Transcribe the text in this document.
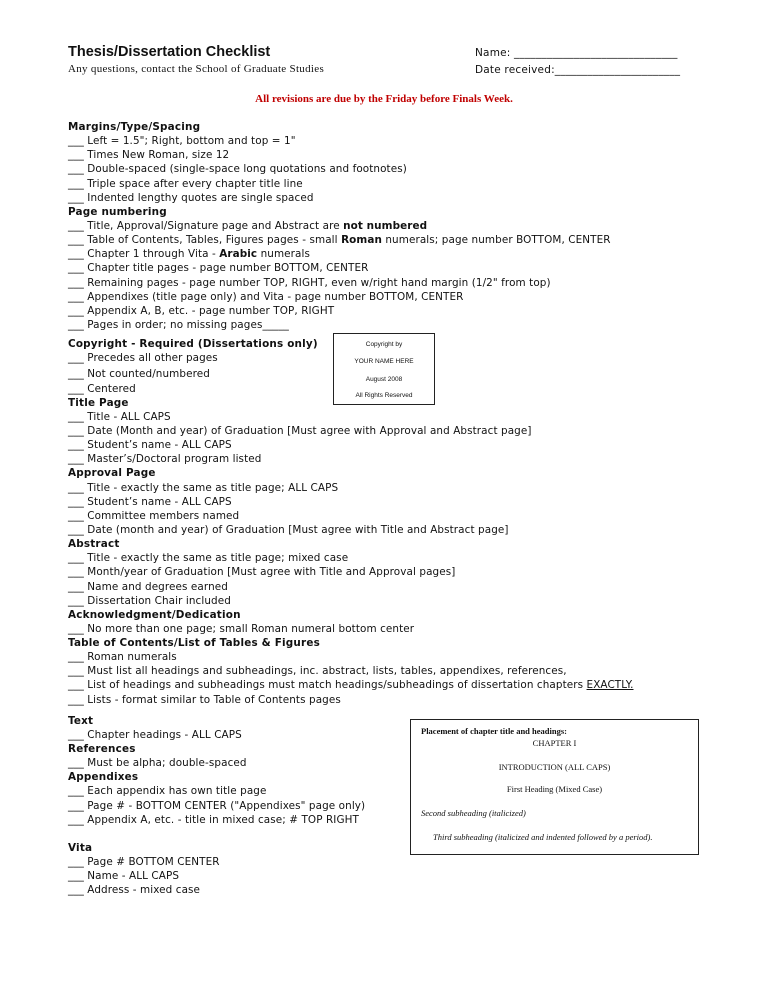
Thesis/Dissertation Checklist
Any questions, contact the School of Graduate Studies
Name: ______________________________
Date received:_______________________
All revisions are due by the Friday before Finals Week.
Margins/Type/Spacing
___ Left = 1.5"; Right, bottom and top = 1"
___ Times New Roman, size 12
___ Double-spaced (single-space long quotations and footnotes)
___ Triple space after every chapter title line
___ Indented lengthy quotes are single spaced
Page numbering
___ Title, Approval/Signature page and Abstract are not numbered
___ Table of Contents, Tables, Figures pages - small Roman numerals; page number BOTTOM, CENTER
___ Chapter 1 through Vita - Arabic numerals
___ Chapter title pages - page number BOTTOM, CENTER
___ Remaining pages - page number TOP, RIGHT, even w/right hand margin (1/2" from top)
___ Appendixes (title page only) and Vita - page number BOTTOM, CENTER
___ Appendix A, B, etc. - page number TOP, RIGHT
___ Pages in order; no missing pages_____
Copyright - Required (Dissertations only)
___ Precedes all other pages
___ Not counted/numbered
___ Centered
Title Page
___ Title - ALL CAPS
___ Date (Month and year) of Graduation [Must agree with Approval and Abstract page]
___ Student’s name - ALL CAPS
___ Master’s/Doctoral program listed
Approval Page
___ Title - exactly the same as title page; ALL CAPS
___ Student’s name - ALL CAPS
___ Committee members named
___ Date (month and year) of Graduation [Must agree with Title and Abstract page]
Abstract
___ Title - exactly the same as title page; mixed case
___ Month/year of Graduation [Must agree with Title and Approval pages]
___ Name and degrees earned
___ Dissertation Chair included
Acknowledgment/Dedication
___ No more than one page; small Roman numeral bottom center
Table of Contents/List of Tables & Figures
___ Roman numerals
___ Must list all headings and subheadings, inc. abstract, lists, tables, appendixes, references,
___ List of headings and subheadings must match headings/subheadings of dissertation chapters EXACTLY.
___ Lists - format similar to Table of Contents pages
Text
___ Chapter headings - ALL CAPS
References
___ Must be alpha; double-spaced
Appendixes
___ Each appendix has own title page
___ Page # - BOTTOM CENTER ("Appendixes" page only)
___ Appendix A, etc. - title in mixed case; # TOP RIGHT
Vita
___ Page # BOTTOM CENTER
___ Name - ALL CAPS
___ Address - mixed case
Copyright by
YOUR NAME HERE
August 2008
All Rights Reserved
Placement of chapter title and headings:
CHAPTER I
INTRODUCTION (ALL CAPS)
First Heading (Mixed Case)
Second subheading (italicized)
Third subheading (italicized and indented followed by a period).
